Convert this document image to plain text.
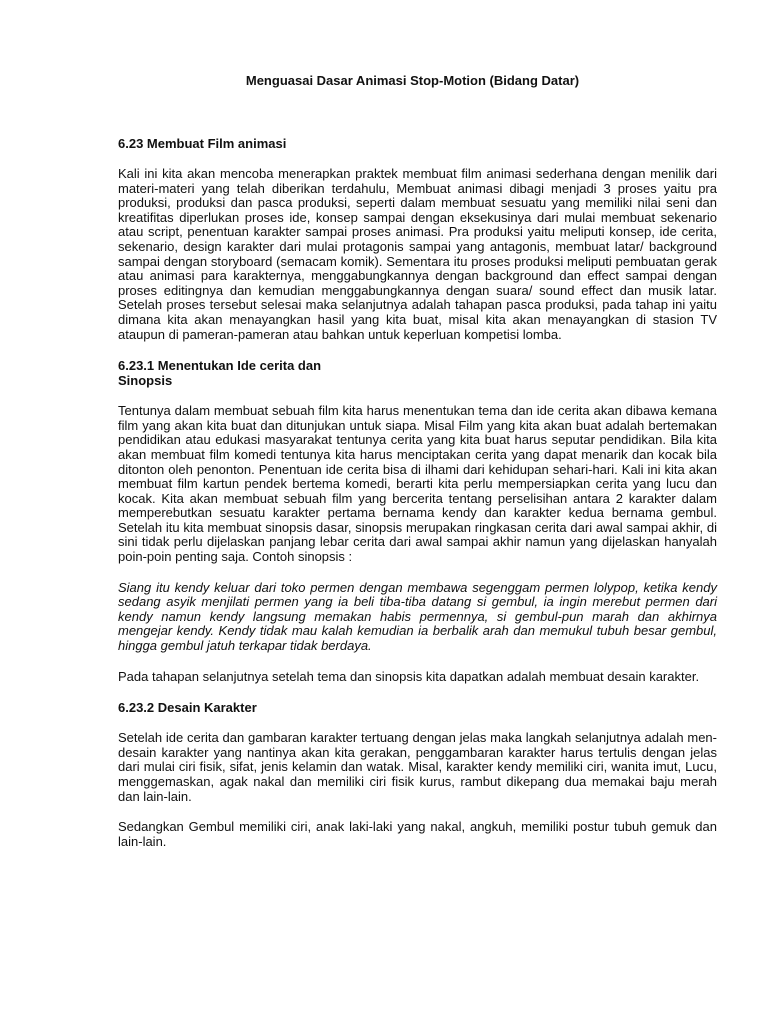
Menguasai Dasar Animasi Stop-Motion (Bidang Datar)
6.23 Membuat Film animasi

Kali ini kita akan mencoba menerapkan praktek membuat film animasi sederhana dengan menilik dari materi-materi yang telah diberikan terdahulu, Membuat animasi dibagi menjadi 3 proses yaitu pra produksi, produksi dan pasca produksi, seperti dalam membuat sesuatu yang memiliki nilai seni dan kreatifitas diperlukan proses ide, konsep sampai dengan eksekusinya dari mulai membuat sekenario atau script, penentuan karakter sampai proses animasi. Pra produksi yaitu meliputi konsep, ide cerita, sekenario, design karakter dari mulai protagonis sampai yang antagonis, membuat latar/ background sampai dengan storyboard (semacam komik). Sementara itu proses produksi meliputi pembuatan gerak atau animasi para karakternya, menggabungkannya dengan background dan effect sampai dengan proses editingnya dan kemudian menggabungkannya dengan suara/ sound effect dan musik latar. Setelah proses tersebut selesai maka selanjutnya adalah tahapan pasca produksi, pada tahap ini yaitu dimana kita akan menayangkan hasil yang kita buat, misal kita akan menayangkan di stasion TV ataupun di pameran-pameran atau bahkan untuk keperluan kompetisi lomba.

6.23.1 Menentukan Ide cerita dan
Sinopsis

Tentunya dalam membuat sebuah film kita harus menentukan tema dan ide cerita akan dibawa kemana film yang akan kita buat dan ditunjukan untuk siapa. Misal Film yang kita akan buat adalah bertemakan pendidikan atau edukasi masyarakat tentunya cerita yang kita buat harus seputar pendidikan. Bila kita akan membuat film komedi tentunya kita harus menciptakan cerita yang dapat menarik dan kocak bila ditonton oleh penonton. Penentuan ide cerita bisa di ilhami dari kehidupan sehari-hari. Kali ini kita akan membuat film kartun pendek bertema komedi, berarti kita perlu mempersiapkan cerita yang lucu dan kocak. Kita akan membuat sebuah film yang bercerita tentang perselisihan antara 2 karakter dalam memperebutkan sesuatu karakter pertama bernama kendy dan karakter kedua bernama gembul. Setelah itu kita membuat sinopsis dasar, sinopsis merupakan ringkasan cerita dari awal sampai akhir, di sini tidak perlu dijelaskan panjang lebar cerita dari awal sampai akhir namun yang dijelaskan hanyalah poin-poin penting saja. Contoh sinopsis :

Siang itu kendy keluar dari toko permen dengan membawa segenggam permen lolypop, ketika kendy sedang asyik menjilati permen yang ia beli tiba-tiba datang si gembul, ia ingin merebut permen dari kendy namun kendy langsung memakan habis permennya, si gembul-pun marah dan akhirnya mengejar kendy. Kendy tidak mau kalah kemudian ia berbalik arah dan memukul tubuh besar gembul, hingga gembul jatuh terkapar tidak berdaya.

Pada tahapan selanjutnya setelah tema dan sinopsis kita dapatkan adalah membuat desain karakter.

6.23.2 Desain Karakter

Setelah ide cerita dan gambaran karakter tertuang dengan jelas maka langkah selanjutnya adalah men-desain karakter yang nantinya akan kita gerakan, penggambaran karakter harus tertulis dengan jelas dari mulai ciri fisik, sifat, jenis kelamin dan watak. Misal, karakter kendy memiliki ciri, wanita imut, Lucu, menggemaskan, agak nakal dan memiliki ciri fisik kurus, rambut dikepang dua memakai baju merah dan lain-lain.

Sedangkan Gembul memiliki ciri, anak laki-laki yang nakal, angkuh, memiliki postur tubuh gemuk dan lain-lain.
